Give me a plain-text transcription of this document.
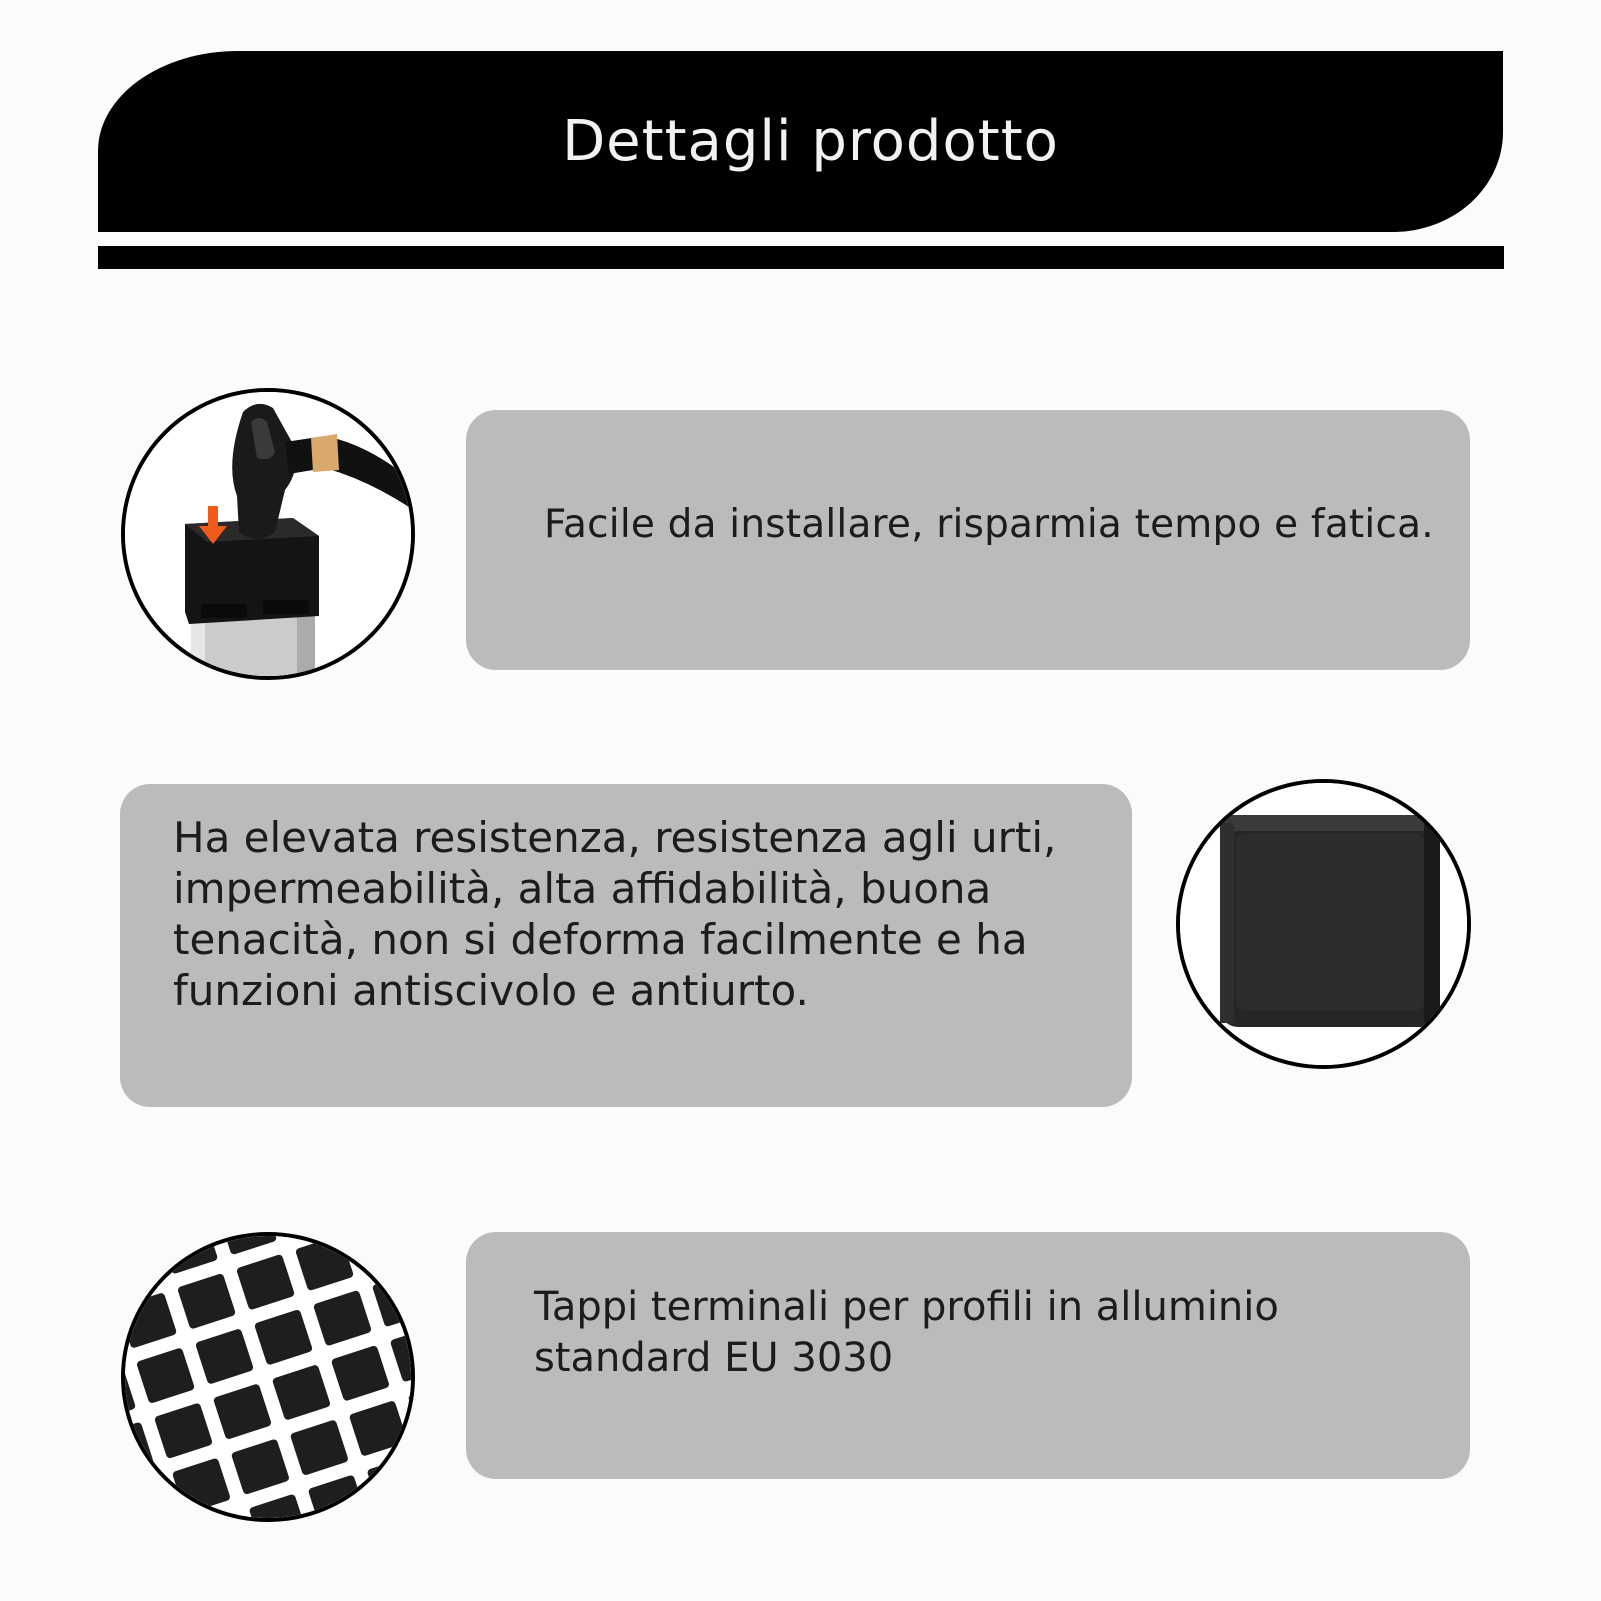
Dettagli prodotto
Facile da installare, risparmia tempo e fatica.
Ha elevata resistenza, resistenza agli urti, impermeabilità, alta affidabilità, buona tenacità, non si deforma facilmente e ha funzioni antiscivolo e antiurto.
Tappi terminali per profili in alluminio standard EU 3030
